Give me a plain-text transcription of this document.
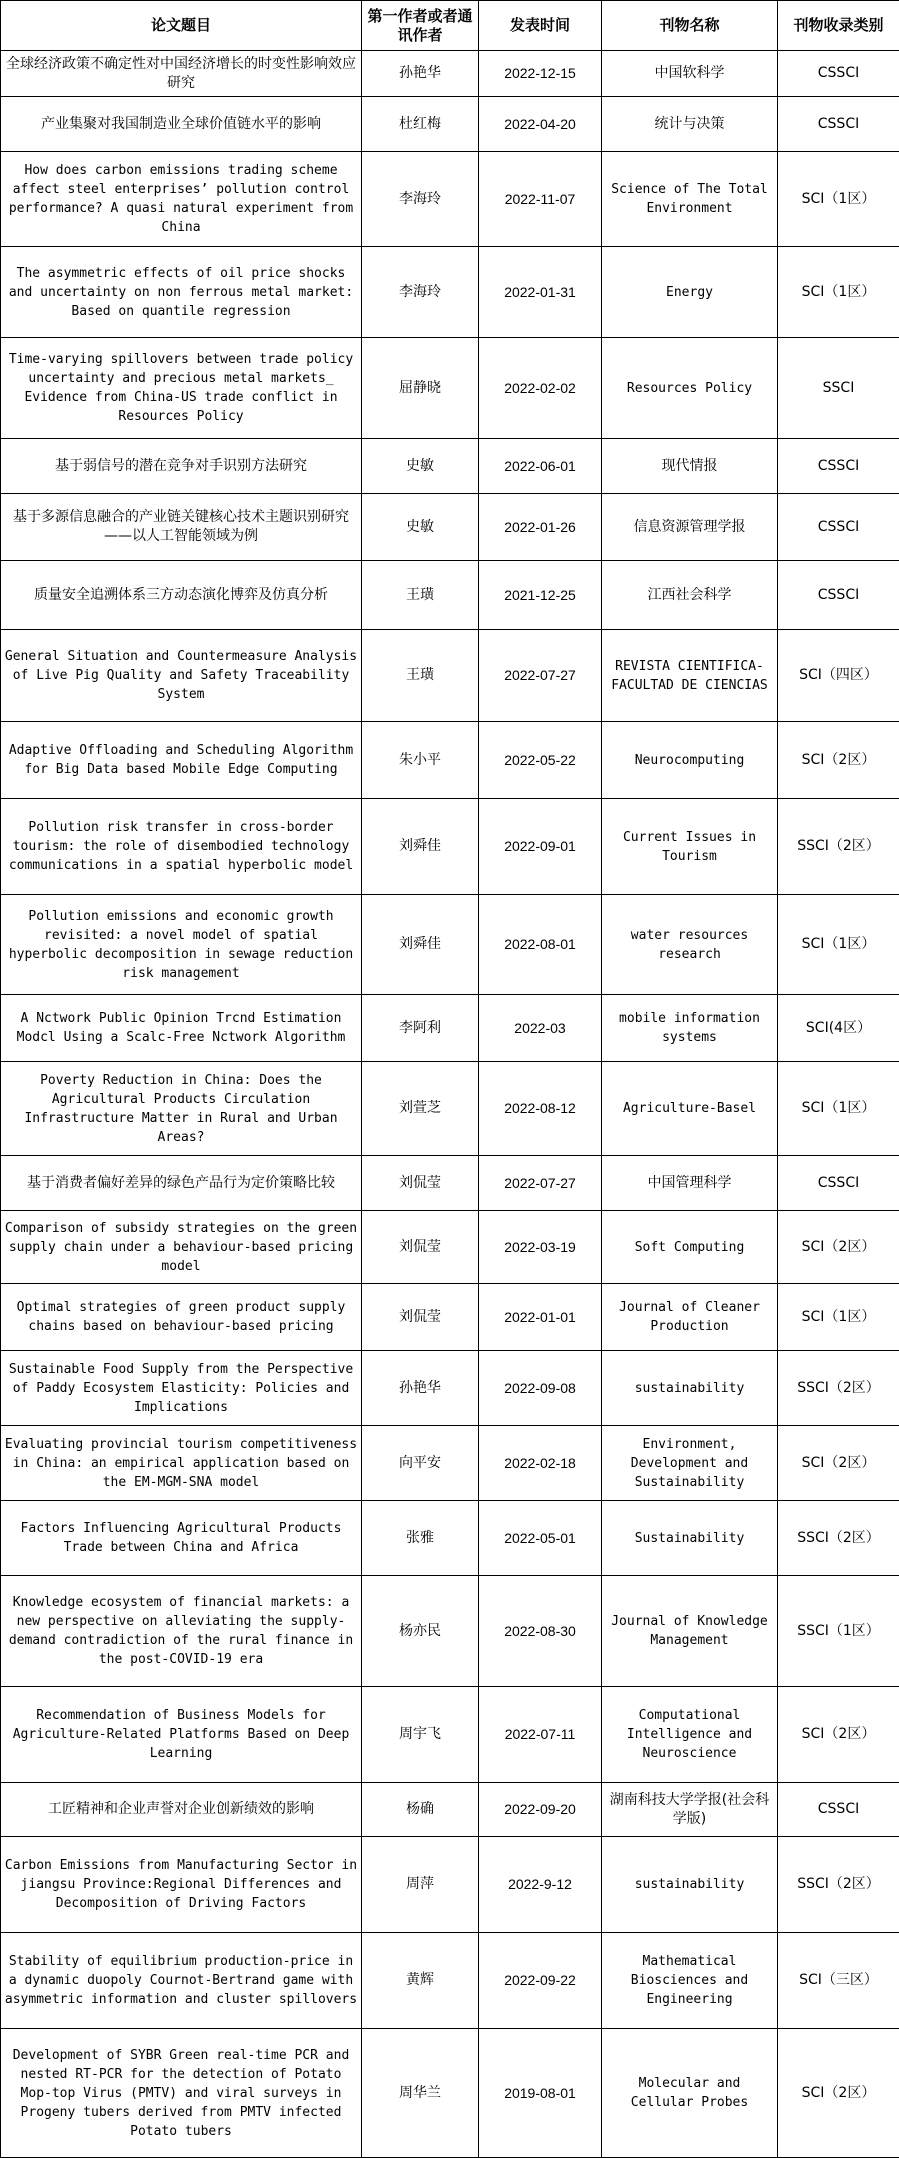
论文题目	第一作者或者通讯作者	发表时间	刊物名称	刊物收录类别
全球经济政策不确定性对中国经济增长的时变性影响效应研究	孙艳华	2022-12-15	中国软科学	CSSCI
产业集聚对我国制造业全球价值链水平的影响	杜红梅	2022-04-20	统计与决策	CSSCI
How does carbon emissions trading scheme affect steel enterprises’ pollution control performance? A quasi natural experiment from China	李海玲	2022-11-07	Science of The Total Environment	SCI（1区）
The asymmetric effects of oil price shocks and uncertainty on non ferrous metal market: Based on quantile regression	李海玲	2022-01-31	Energy	SCI（1区）
Time-varying spillovers between trade policy uncertainty and precious metal markets_ Evidence from China-US trade conflict in Resources Policy	屈静晓	2022-02-02	Resources Policy	SSCI
基于弱信号的潜在竞争对手识别方法研究	史敏	2022-06-01	现代情报	CSSCI
基于多源信息融合的产业链关键核心技术主题识别研究——以人工智能领域为例	史敏	2022-01-26	信息资源管理学报	CSSCI
质量安全追溯体系三方动态演化博弈及仿真分析	王璜	2021-12-25	江西社会科学	CSSCI
General Situation and Countermeasure Analysis of Live Pig Quality and Safety Traceability System	王璜	2022-07-27	REVISTA CIENTIFICA-FACULTAD DE CIENCIAS	SCI（四区）
Adaptive Offloading and Scheduling Algorithm for Big Data based Mobile Edge Computing	朱小平	2022-05-22	Neurocomputing	SCI（2区）
Pollution risk transfer in cross-border tourism: the role of disembodied technology communications in a spatial hyperbolic model	刘舜佳	2022-09-01	Current Issues in Tourism	SSCI（2区）
Pollution emissions and economic growth revisited: a novel model of spatial hyperbolic decomposition in sewage reduction risk management	刘舜佳	2022-08-01	water resources research	SCI（1区）
A Nctwork Public Opinion Trcnd Estimation Modcl Using a Scalc-Free Nctwork Algorithm	李阿利	2022-03	mobile information systems	SCI(4区）
Poverty Reduction in China: Does the Agricultural Products Circulation Infrastructure Matter in Rural and Urban Areas?	刘萱芝	2022-08-12	Agriculture-Basel	SCI（1区）
基于消费者偏好差异的绿色产品行为定价策略比较	刘侃莹	2022-07-27	中国管理科学	CSSCI
Comparison of subsidy strategies on the green supply chain under a behaviour-based pricing model	刘侃莹	2022-03-19	Soft Computing	SCI（2区）
Optimal strategies of green product supply chains based on behaviour-based pricing	刘侃莹	2022-01-01	Journal of Cleaner Production	SCI（1区）
Sustainable Food Supply from the Perspective of Paddy Ecosystem Elasticity: Policies and Implications	孙艳华	2022-09-08	sustainability	SSCI（2区）
Evaluating provincial tourism competitiveness in China: an empirical application based on the EM-MGM-SNA model	向平安	2022-02-18	Environment, Development and Sustainability	SCI（2区）
Factors Influencing Agricultural Products Trade between China and Africa	张雅	2022-05-01	Sustainability	SSCI（2区）
Knowledge ecosystem of financial markets: a new perspective on alleviating the supply-demand contradiction of the rural finance in the post-COVID-19 era	杨亦民	2022-08-30	Journal of Knowledge Management	SSCI（1区）
Recommendation of Business Models for Agriculture-Related Platforms Based on Deep Learning	周宇飞	2022-07-11	Computational Intelligence and Neuroscience	SCI（2区）
工匠精神和企业声誉对企业创新绩效的影响	杨确	2022-09-20	湖南科技大学学报(社会科学版)	CSSCI
Carbon Emissions from Manufacturing Sector in jiangsu Province:Regional Differences and Decomposition of Driving Factors	周萍	2022-9-12	sustainability	SSCI（2区）
Stability of equilibrium production-price in a dynamic duopoly Cournot-Bertrand game with asymmetric information and cluster spillovers	黄辉	2022-09-22	Mathematical Biosciences and Engineering	SCI（三区）
Development of SYBR Green real-time PCR and nested RT-PCR for the detection of Potato Mop-top Virus (PMTV) and viral surveys in Progeny tubers derived from PMTV infected Potato tubers	周华兰	2019-08-01	Molecular and Cellular Probes	SCI（2区）
